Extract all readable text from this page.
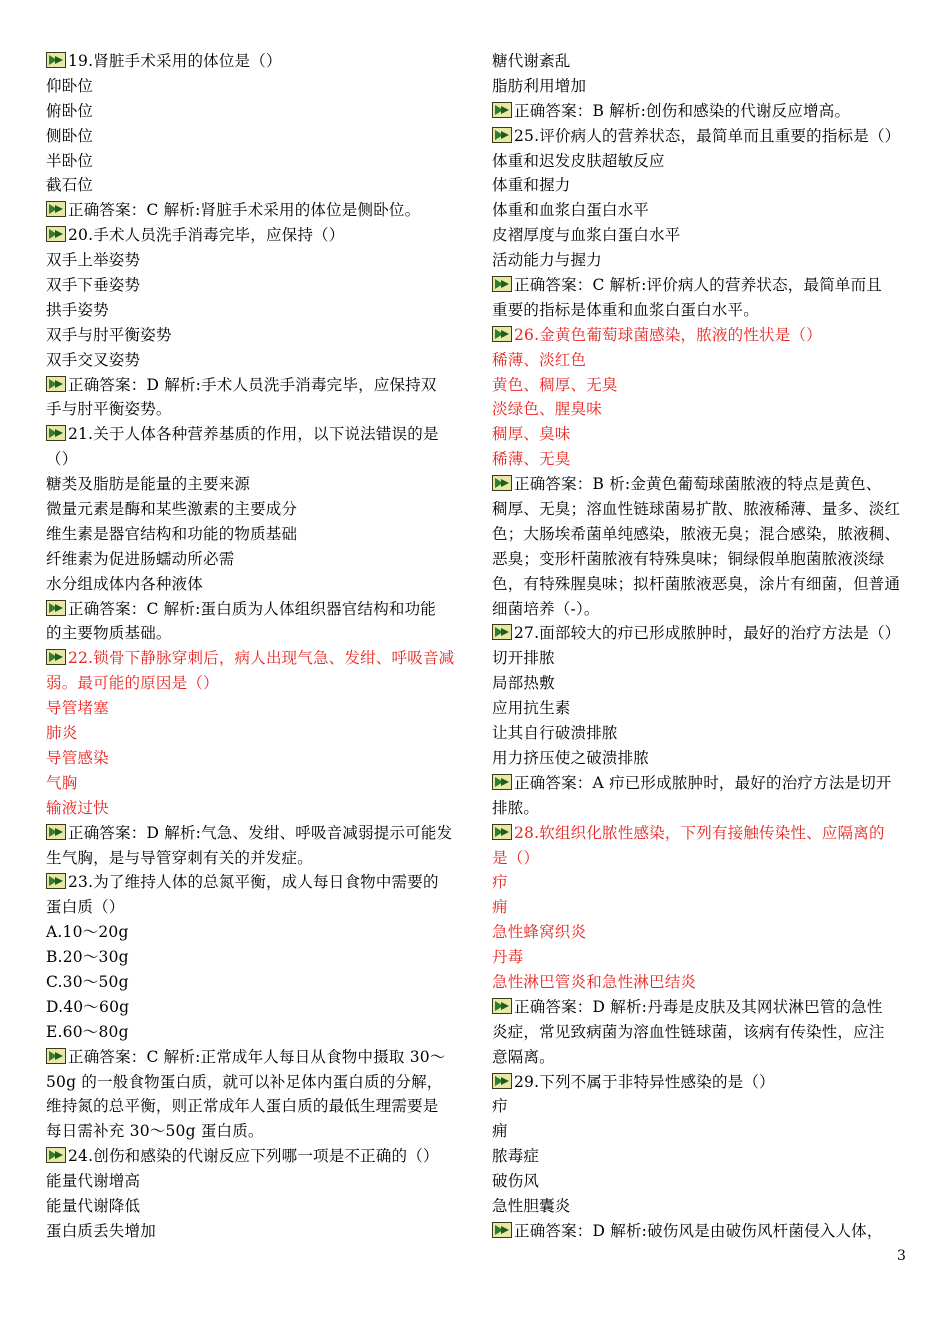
19.肾脏手术采用的体位是（）
仰卧位
俯卧位
侧卧位
半卧位
截石位
正确答案：C 解析:肾脏手术采用的体位是侧卧位。
20.手术人员洗手消毒完毕，应保持（）
双手上举姿势
双手下垂姿势
拱手姿势
双手与肘平衡姿势
双手交叉姿势
正确答案：D 解析:手术人员洗手消毒完毕，应保持双
手与肘平衡姿势。
21.关于人体各种营养基质的作用，以下说法错误的是
（）
糖类及脂肪是能量的主要来源
微量元素是酶和某些激素的主要成分
维生素是器官结构和功能的物质基础
纤维素为促进肠蠕动所必需
水分组成体内各种液体
正确答案：C 解析:蛋白质为人体组织器官结构和功能
的主要物质基础。
22.锁骨下静脉穿刺后，病人出现气急、发绀、呼吸音减
弱。最可能的原因是（）
导管堵塞
肺炎
导管感染
气胸
输液过快
正确答案：D 解析:气急、发绀、呼吸音减弱提示可能发
生气胸，是与导管穿刺有关的并发症。
23.为了维持人体的总氮平衡，成人每日食物中需要的
蛋白质（）
A.10～20g
B.20～30g
C.30～50g
D.40～60g
E.60～80g
正确答案：C 解析:正常成年人每日从食物中摄取 30～
50g 的一般食物蛋白质，就可以补足体内蛋白质的分解，
维持氮的总平衡，则正常成年人蛋白质的最低生理需要是
每日需补充 30～50g 蛋白质。
24.创伤和感染的代谢反应下列哪一项是不正确的（）
能量代谢增高
能量代谢降低
蛋白质丢失增加
糖代谢紊乱
脂肪利用增加
正确答案：B 解析:创伤和感染的代谢反应增高。
25.评价病人的营养状态，最简单而且重要的指标是（）
体重和迟发皮肤超敏反应
体重和握力
体重和血浆白蛋白水平
皮褶厚度与血浆白蛋白水平
活动能力与握力
正确答案：C 解析:评价病人的营养状态，最简单而且
重要的指标是体重和血浆白蛋白水平。
26.金黄色葡萄球菌感染，脓液的性状是（）
稀薄、淡红色
黄色、稠厚、无臭
淡绿色、腥臭味
稠厚、臭味
稀薄、无臭
正确答案：B 析:金黄色葡萄球菌脓液的特点是黄色、
稠厚、无臭；溶血性链球菌易扩散、脓液稀薄、量多、淡红
色；大肠埃希菌单纯感染，脓液无臭；混合感染，脓液稠、
恶臭；变形杆菌脓液有特殊臭味；铜绿假单胞菌脓液淡绿
色，有特殊腥臭味；拟杆菌脓液恶臭，涂片有细菌，但普通
细菌培养（-）。
27.面部较大的疖已形成脓肿时，最好的治疗方法是（）
切开排脓
局部热敷
应用抗生素
让其自行破溃排脓
用力挤压使之破溃排脓
正确答案：A 疖已形成脓肿时，最好的治疗方法是切开
排脓。
28.软组织化脓性感染，下列有接触传染性、应隔离的
是（）
疖
痈
急性蜂窝织炎
丹毒
急性淋巴管炎和急性淋巴结炎
正确答案：D 解析:丹毒是皮肤及其网状淋巴管的急性
炎症，常见致病菌为溶血性链球菌，该病有传染性，应注
意隔离。
29.下列不属于非特异性感染的是（）
疖
痈
脓毒症
破伤风
急性胆囊炎
正确答案：D 解析:破伤风是由破伤风杆菌侵入人体，
3
